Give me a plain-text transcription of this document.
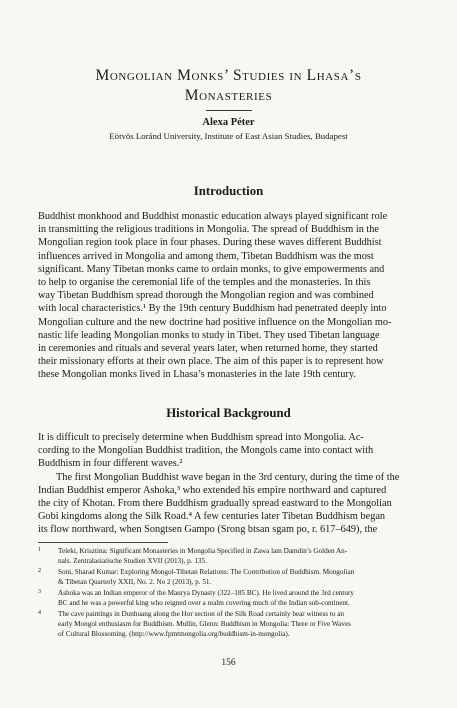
Mongolian Monks’ Studies in Lhasa’s
Monasteries
Alexa Péter
Eötvös Loránd University, Institute of East Asian Studies, Budapest
Introduction
Buddhist monkhood and Buddhist monastic education always played significant role
in transmitting the religious traditions in Mongolia. The spread of Buddhism in the
Mongolian region took place in four phases. During these waves different Buddhist
influences arrived in Mongolia and among them, Tibetan Buddhism was the most
significant. Many Tibetan monks came to ordain monks, to give empowerments and
to help to organise the ceremonial life of the temples and the monasteries. In this
way Tibetan Buddhism spread thorough the Mongolian region and was combined
with local characteristics.¹ By the 19th century Buddhism had penetrated deeply into
Mongolian culture and the new doctrine had positive influence on the Mongolian mo-
nastic life leading Mongolian monks to study in Tibet. They used Tibetan language
in ceremonies and rituals and several years later, when returned home, they started
their missionary efforts at their own place. The aim of this paper is to represent how
these Mongolian monks lived in Lhasa’s monasteries in the late 19th century.
Historical Background
It is difficult to precisely determine when Buddhism spread into Mongolia. Ac-
cording to the Mongolian Buddhist tradition, the Mongols came into contact with
Buddhism in four different waves.²
The first Mongolian Buddhist wave began in the 3rd century, during the time of the
Indian Buddhist emperor Ashoka,³ who extended his empire northward and captured
the city of Khotan. From there Buddhism gradually spread eastward to the Mongolian
Gobi kingdoms along the Silk Road.⁴ A few centuries later Tibetan Buddhism began
its flow northward, when Songtsen Gampo (Srong btsan sgam po, r. 617–649), the
1 Teleki, Krisztina: Significant Monasteries in Mongolia Specified in Zawa lam Damdin’s Golden An-
nals. Zentralasiatische Studien XVII (2013), p. 135.
2 Soni, Sharad Kumar: Exploring Mongol-Tibetan Relations: The Contribution of Buddhism. Mongolian
& Tibetan Quarterly XXII, No. 2. No 2 (2013), p. 51.
3 Ashoka was an Indian emperor of the Maurya Dynasty (322–185 BC). He lived around the 3rd century
BC and he was a powerful king who reigned over a realm covering much of the Indian sub-continent.
4 The cave paintings in Dunhuang along the Hor section of the Silk Road certainly bear witness to an
early Mongol enthusiasm for Buddhism. Mullin, Glenn: Buddhism in Mongolia: Three or Five Waves
of Cultural Blossoming. (http://www.fpmtmongolia.org/buddhism-in-mongolia).
156
